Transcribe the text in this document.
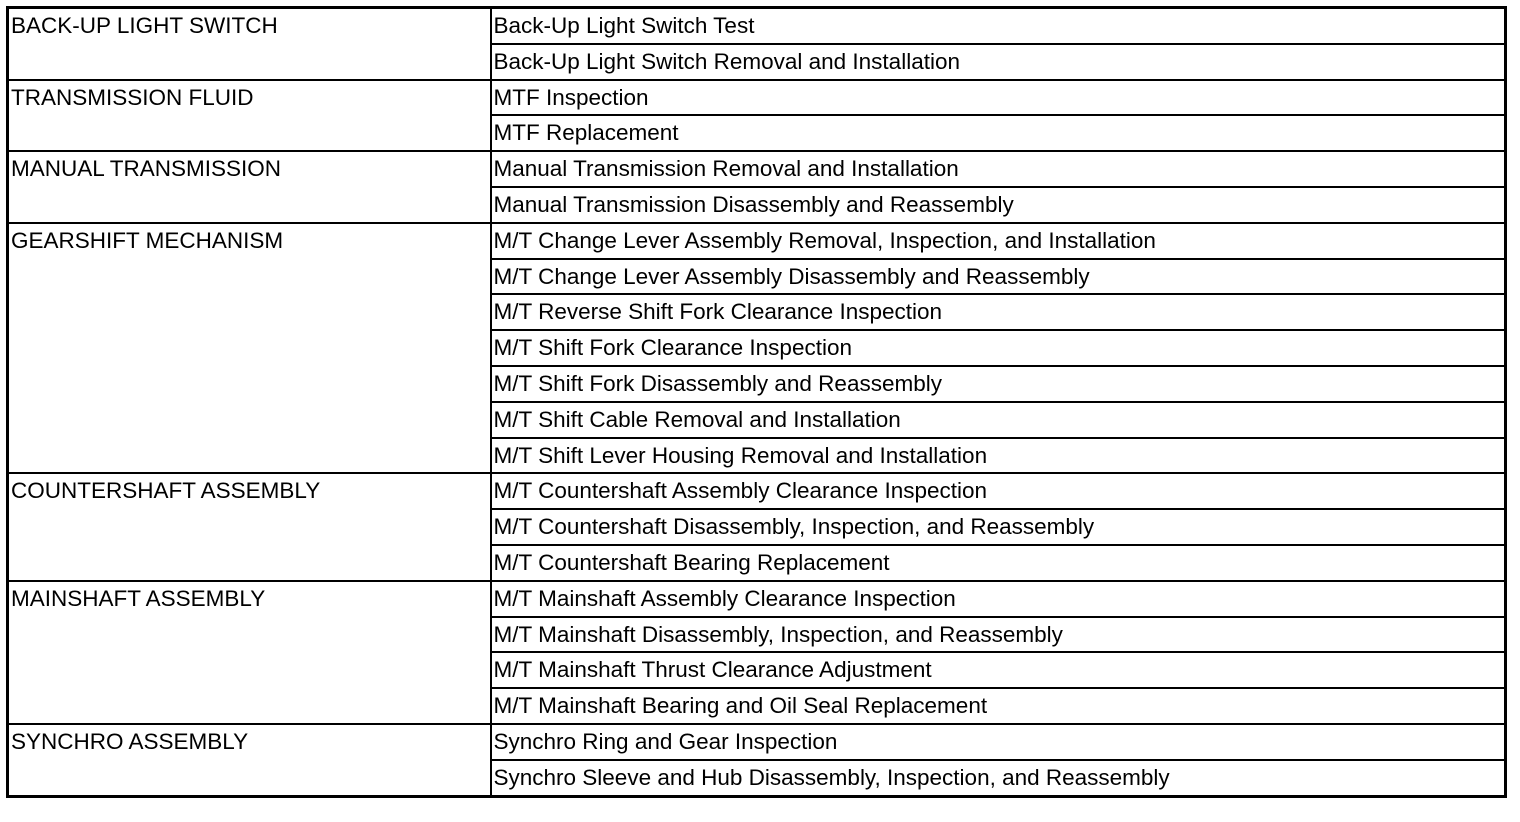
BACK-UP LIGHT SWITCH	Back-Up Light Switch Test
	Back-Up Light Switch Removal and Installation
TRANSMISSION FLUID	MTF Inspection
	MTF Replacement
MANUAL TRANSMISSION	Manual Transmission Removal and Installation
	Manual Transmission Disassembly and Reassembly
GEARSHIFT MECHANISM	M/T Change Lever Assembly Removal, Inspection, and Installation
	M/T Change Lever Assembly Disassembly and Reassembly
	M/T Reverse Shift Fork Clearance Inspection
	M/T Shift Fork Clearance Inspection
	M/T Shift Fork Disassembly and Reassembly
	M/T Shift Cable Removal and Installation
	M/T Shift Lever Housing Removal and Installation
COUNTERSHAFT ASSEMBLY	M/T Countershaft Assembly Clearance Inspection
	M/T Countershaft Disassembly, Inspection, and Reassembly
	M/T Countershaft Bearing Replacement
MAINSHAFT ASSEMBLY	M/T Mainshaft Assembly Clearance Inspection
	M/T Mainshaft Disassembly, Inspection, and Reassembly
	M/T Mainshaft Thrust Clearance Adjustment
	M/T Mainshaft Bearing and Oil Seal Replacement
SYNCHRO ASSEMBLY	Synchro Ring and Gear Inspection
	Synchro Sleeve and Hub Disassembly, Inspection, and Reassembly
